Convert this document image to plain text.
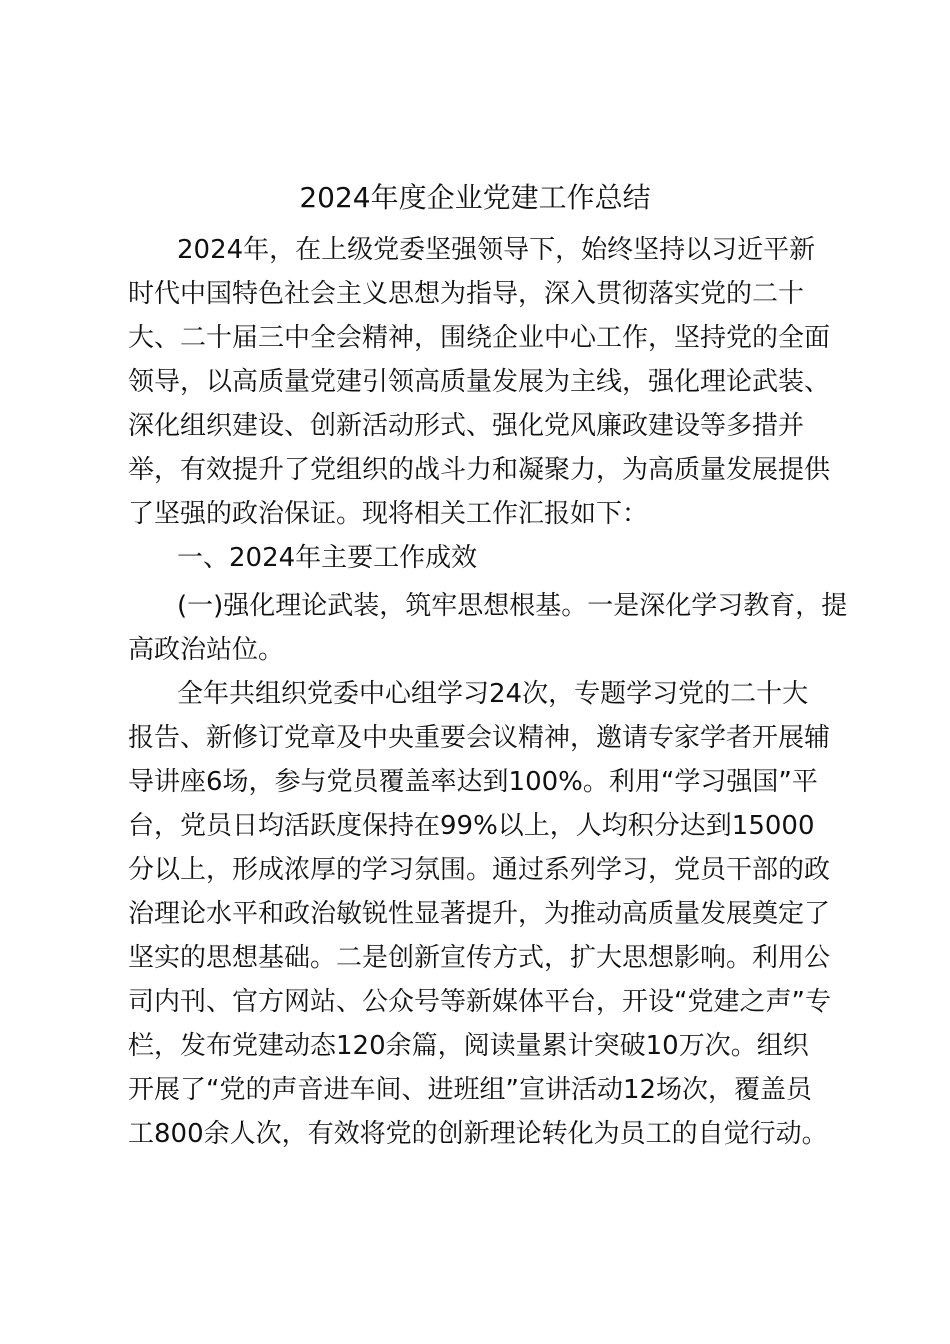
2024年度企业党建工作总结
2024年，在上级党委坚强领导下，始终坚持以习近平新
时代中国特色社会主义思想为指导，深入贯彻落实党的二十
大、二十届三中全会精神，围绕企业中心工作，坚持党的全面
领导，以高质量党建引领高质量发展为主线，强化理论武装、
深化组织建设、创新活动形式、强化党风廉政建设等多措并
举，有效提升了党组织的战斗力和凝聚力，为高质量发展提供
了坚强的政治保证。现将相关工作汇报如下：
一、2024年主要工作成效
(一)强化理论武装，筑牢思想根基。一是深化学习教育，提
高政治站位。
全年共组织党委中心组学习24次，专题学习党的二十大
报告、新修订党章及中央重要会议精神，邀请专家学者开展辅
导讲座6场，参与党员覆盖率达到100%。利用“学习强国”平
台，党员日均活跃度保持在99%以上，人均积分达到15000
分以上，形成浓厚的学习氛围。通过系列学习，党员干部的政
治理论水平和政治敏锐性显著提升，为推动高质量发展奠定了
坚实的思想基础。二是创新宣传方式，扩大思想影响。利用公
司内刊、官方网站、公众号等新媒体平台，开设“党建之声”专
栏，发布党建动态120余篇，阅读量累计突破10万次。组织
开展了“党的声音进车间、进班组”宣讲活动12场次，覆盖员
工800余人次，有效将党的创新理论转化为员工的自觉行动。
